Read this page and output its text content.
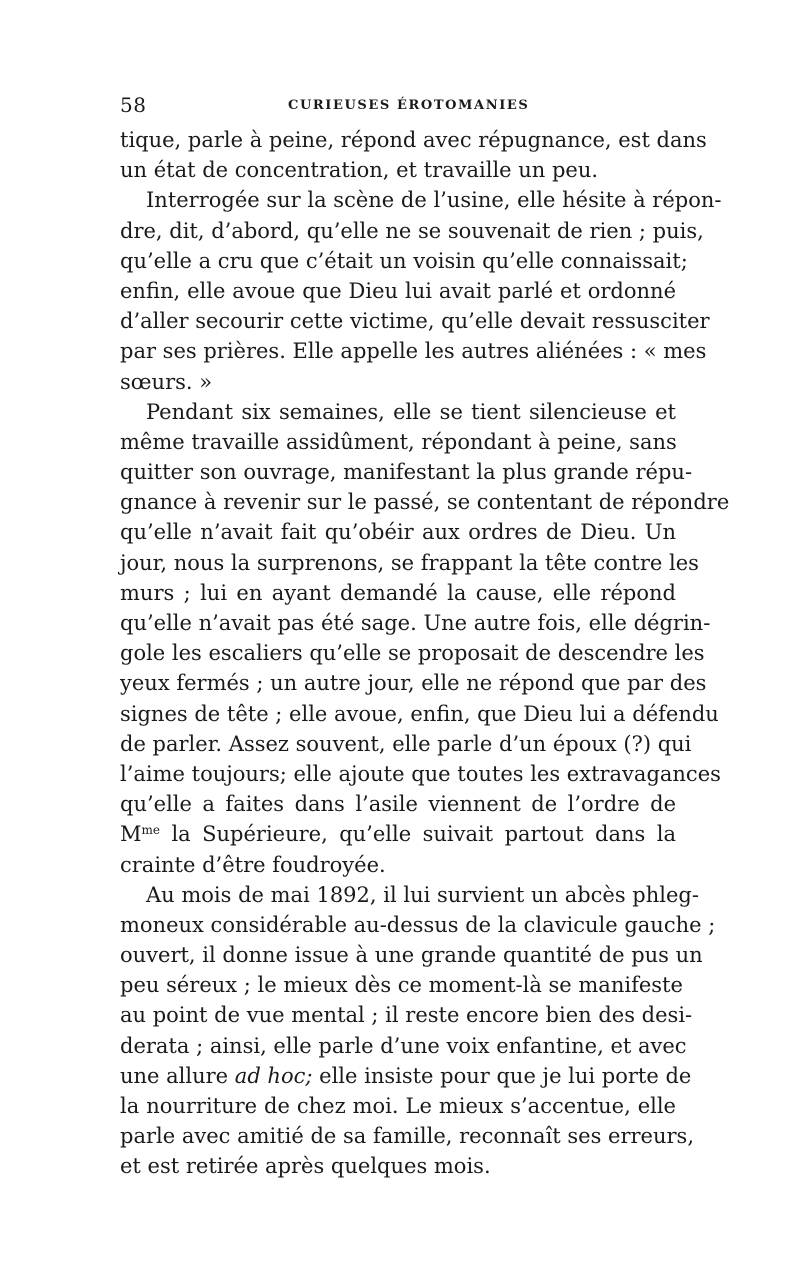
58	CURIEUSES ÉROTOMANIES
tique, parle à peine, répond avec répugnance, est dans
un état de concentration, et travaille un peu.
Interrogée sur la scène de l’usine, elle hésite à répon-
dre, dit, d’abord, qu’elle ne se souvenait de rien ; puis,
qu’elle a cru que c’était un voisin qu’elle connaissait;
enfin, elle avoue que Dieu lui avait parlé et ordonné
d’aller secourir cette victime, qu’elle devait ressusciter
par ses prières. Elle appelle les autres aliénées : « mes
sœurs. »
Pendant six semaines, elle se tient silencieuse et
même travaille assidûment, répondant à peine, sans
quitter son ouvrage, manifestant la plus grande répu-
gnance à revenir sur le passé, se contentant de répondre
qu’elle n’avait fait qu’obéir aux ordres de Dieu. Un
jour, nous la surprenons, se frappant la tête contre les
murs ; lui en ayant demandé la cause, elle répond
qu’elle n’avait pas été sage. Une autre fois, elle dégrin-
gole les escaliers qu’elle se proposait de descendre les
yeux fermés ; un autre jour, elle ne répond que par des
signes de tête ; elle avoue, enfin, que Dieu lui a défendu
de parler. Assez souvent, elle parle d’un époux (?) qui
l’aime toujours; elle ajoute que toutes les extravagances
qu’elle a faites dans l’asile viennent de l’ordre de
$M^{me}$ la Supérieure, qu’elle suivait partout dans la
crainte d’être foudroyée.
Au mois de mai 1892, il lui survient un abcès phleg-
moneux considérable au-dessus de la clavicule gauche ;
ouvert, il donne issue à une grande quantité de pus un
peu séreux ; le mieux dès ce moment-là se manifeste
au point de vue mental ; il reste encore bien des desi-
derata ; ainsi, elle parle d’une voix enfantine, et avec
une allure ad hoc; elle insiste pour que je lui porte de
la nourriture de chez moi. Le mieux s’accentue, elle
parle avec amitié de sa famille, reconnaît ses erreurs,
et est retirée après quelques mois.
